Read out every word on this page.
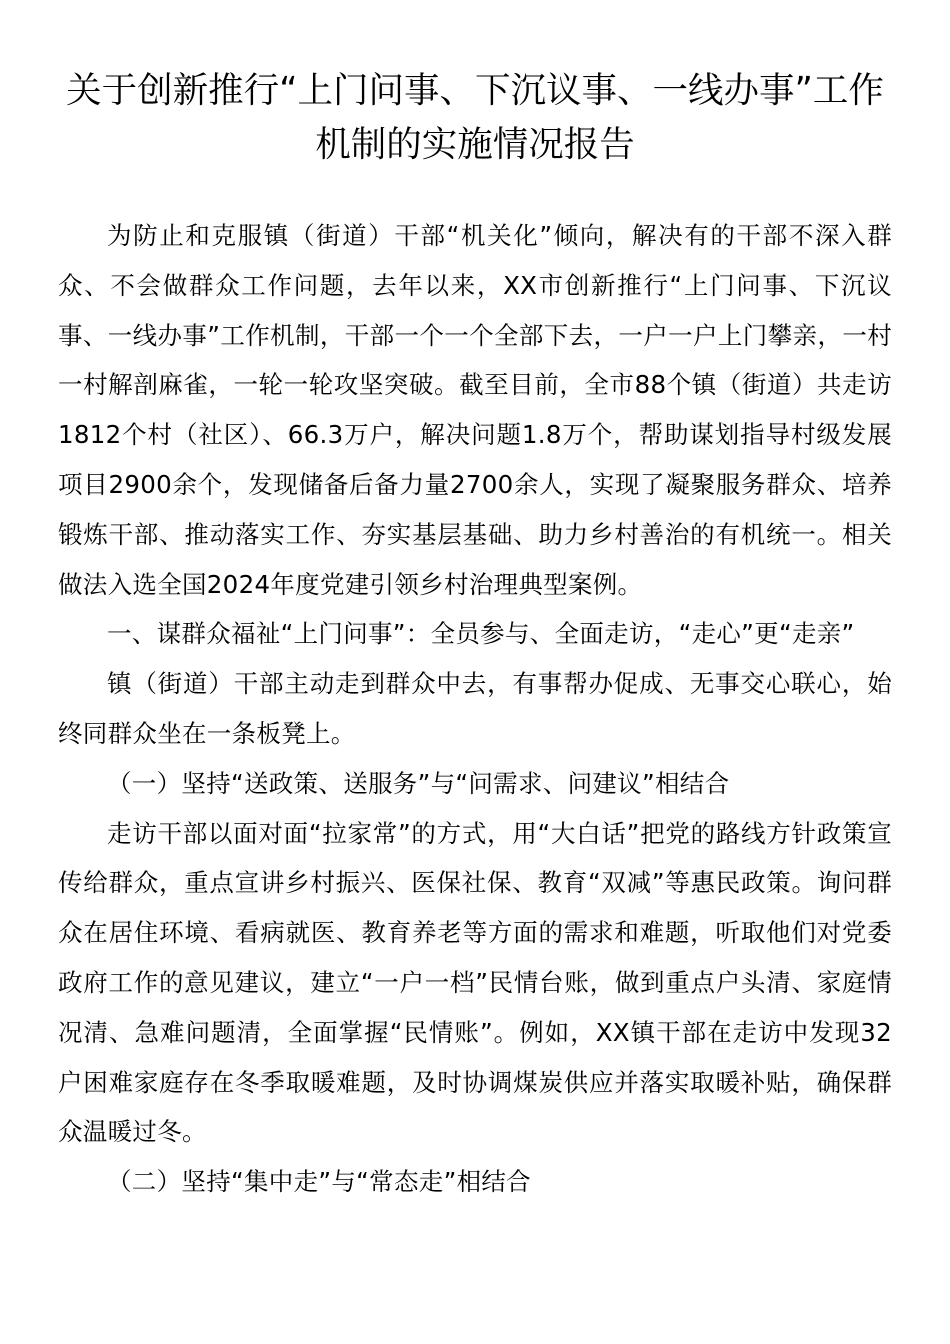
关于创新推行“上门问事、下沉议事、一线办事”工作机制的实施情况报告

为防止和克服镇（街道）干部“机关化”倾向，解决有的干部不深入群众、不会做群众工作问题，去年以来，XX市创新推行“上门问事、下沉议事、一线办事”工作机制，干部一个一个全部下去，一户一户上门攀亲，一村一村解剖麻雀，一轮一轮攻坚突破。截至目前，全市88个镇（街道）共走访1812个村（社区）、66.3万户，解决问题1.8万个，帮助谋划指导村级发展项目2900余个，发现储备后备力量2700余人，实现了凝聚服务群众、培养锻炼干部、推动落实工作、夯实基层基础、助力乡村善治的有机统一。相关做法入选全国2024年度党建引领乡村治理典型案例。

一、谋群众福祉“上门问事”：全员参与、全面走访，“走心”更“走亲”

镇（街道）干部主动走到群众中去，有事帮办促成、无事交心联心，始终同群众坐在一条板凳上。

（一）坚持“送政策、送服务”与“问需求、问建议”相结合

走访干部以面对面“拉家常”的方式，用“大白话”把党的路线方针政策宣传给群众，重点宣讲乡村振兴、医保社保、教育“双减”等惠民政策。询问群众在居住环境、看病就医、教育养老等方面的需求和难题，听取他们对党委政府工作的意见建议，建立“一户一档”民情台账，做到重点户头清、家庭情况清、急难问题清，全面掌握“民情账”。例如，XX镇干部在走访中发现32户困难家庭存在冬季取暖难题，及时协调煤炭供应并落实取暖补贴，确保群众温暖过冬。

（二）坚持“集中走”与“常态走”相结合
